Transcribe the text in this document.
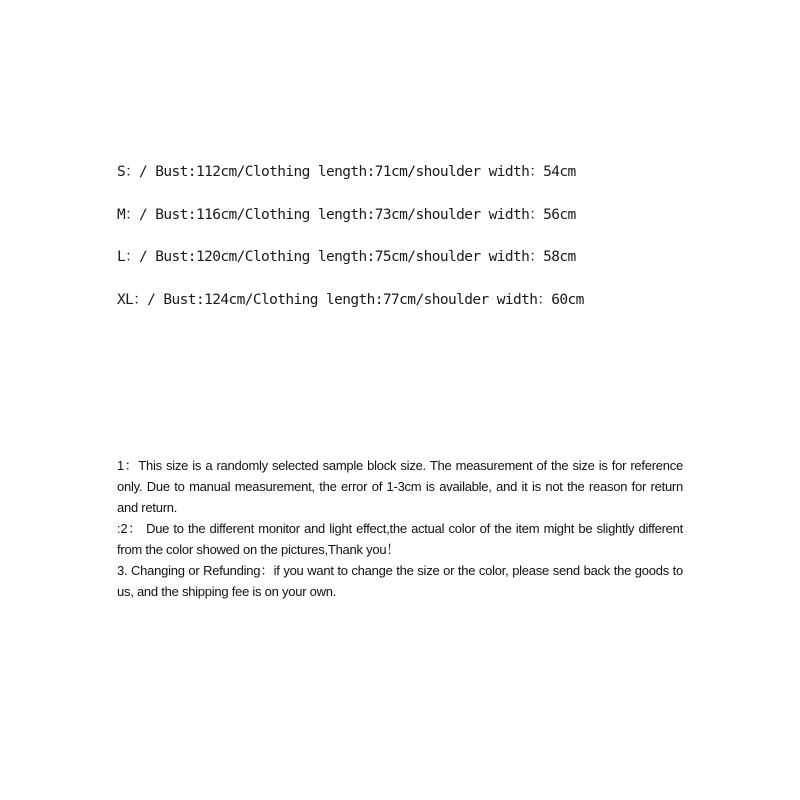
S：/ Bust:112cm/Clothing length:71cm/shoulder width：54cm
M：/ Bust:116cm/Clothing length:73cm/shoulder width：56cm
L：/ Bust:120cm/Clothing length:75cm/shoulder width：58cm
XL：/ Bust:124cm/Clothing length:77cm/shoulder width：60cm

1：This size is a randomly selected sample block size. The measurement of the size is for reference only. Due to manual measurement, the error of 1-3cm is available, and it is not the reason for return and return.

:2： Due to the different monitor and light effect,the actual color of the item might be slightly different from the color showed on the pictures,Thank you！

3. Changing or Refunding：if you want to change the size or the color, please send back the goods to us, and the shipping fee is on your own.
